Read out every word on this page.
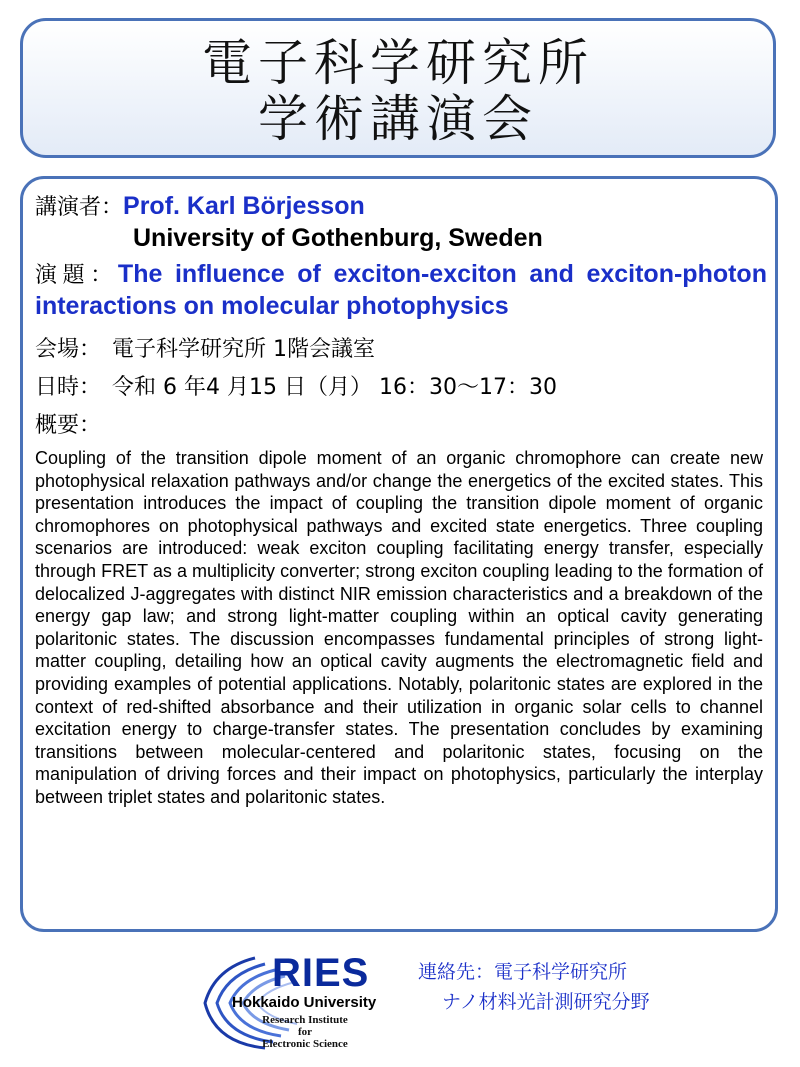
電子科学研究所
学術講演会
講演者：Prof. Karl Börjesson
University of Gothenburg, Sweden
演題：The influence of exciton-exciton and exciton-photon interactions on molecular photophysics
会場： 電子科学研究所 1階会議室
日時： 令和 6 年4 月15 日（月） 16：30～17：30
概要：
Coupling of the transition dipole moment of an organic chromophore can create new photophysical relaxation pathways and/or change the energetics of the excited states. This presentation introduces the impact of coupling the transition dipole moment of organic chromophores on photophysical pathways and excited state energetics. Three coupling scenarios are introduced: weak exciton coupling facilitating energy transfer, especially through FRET as a multiplicity converter; strong exciton coupling leading to the formation of delocalized J-aggregates with distinct NIR emission characteristics and a breakdown of the energy gap law; and strong light-matter coupling within an optical cavity generating polaritonic states. The discussion encompasses fundamental principles of strong light-matter coupling, detailing how an optical cavity augments the electromagnetic field and providing examples of potential applications. Notably, polaritonic states are explored in the context of red-shifted absorbance and their utilization in organic solar cells to channel excitation energy to charge-transfer states. The presentation concludes by examining transitions between molecular-centered and polaritonic states, focusing on the manipulation of driving forces and their impact on photophysics, particularly the interplay between triplet states and polaritonic states.
RIES
Hokkaido University
Research Institute
for
Electronic Science
連絡先：電子科学研究所
ナノ材料光計測研究分野
